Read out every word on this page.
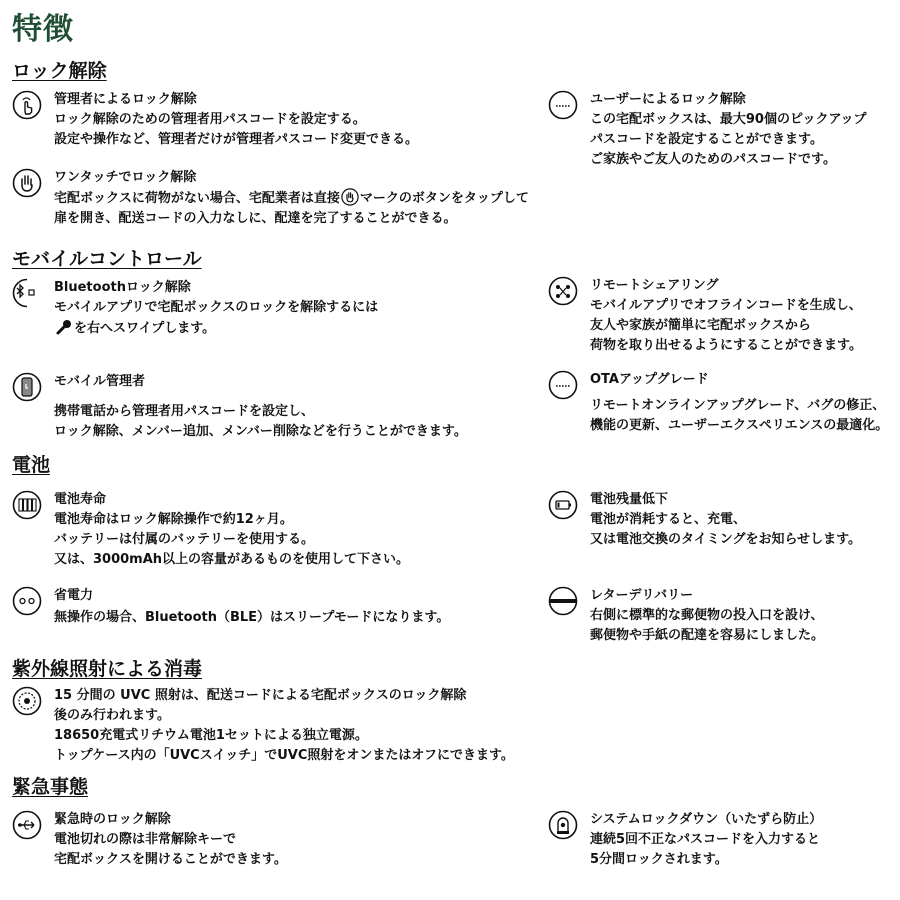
特徴
ロック解除
管理者によるロック解除
ロック解除のための管理者用パスコードを設定する。
設定や操作など、管理者だけが管理者パスコード変更できる。
ユーザーによるロック解除
この宅配ボックスは、最大90個のピックアップ
パスコードを設定することができます。
ご家族やご友人のためのパスコードです。
ワンタッチでロック解除
宅配ボックスに荷物がない場合、宅配業者は直接 マークのボタンをタップして
扉を開き、配送コードの入力なしに、配達を完了することができる。
モバイルコントロール
Bluetoothロック解除
モバイルアプリで宅配ボックスのロックを解除するには
を右へスワイプします。
リモートシェアリング
モバイルアプリでオフラインコードを生成し、
友人や家族が簡単に宅配ボックスから
荷物を取り出せるようにすることができます。
モバイル管理者
携帯電話から管理者用パスコードを設定し、
ロック解除、メンバー追加、メンバー削除などを行うことができます。
OTAアップグレード
リモートオンラインアップグレード、バグの修正、
機能の更新、ユーザーエクスペリエンスの最適化。
電池
電池寿命
電池寿命はロック解除操作で約12ヶ月。
バッテリーは付属のバッテリーを使用する。
又は、3000mAh以上の容量があるものを使用して下さい。
電池残量低下
電池が消耗すると、充電、
又は電池交換のタイミングをお知らせします。
省電力
無操作の場合、Bluetooth（BLE）はスリープモードになります。
レターデリバリー
右側に標準的な郵便物の投入口を設け、
郵便物や手紙の配達を容易にしました。
紫外線照射による消毒
15 分間の UVC 照射は、配送コードによる宅配ボックスのロック解除
後のみ行われます。
18650充電式リチウム電池1セットによる独立電源。
トップケース内の「UVCスイッチ」でUVC照射をオンまたはオフにできます。
緊急事態
緊急時のロック解除
電池切れの際は非常解除キーで
宅配ボックスを開けることができます。
システムロックダウン（いたずら防止）
連続5回不正なパスコードを入力すると
5分間ロックされます。
